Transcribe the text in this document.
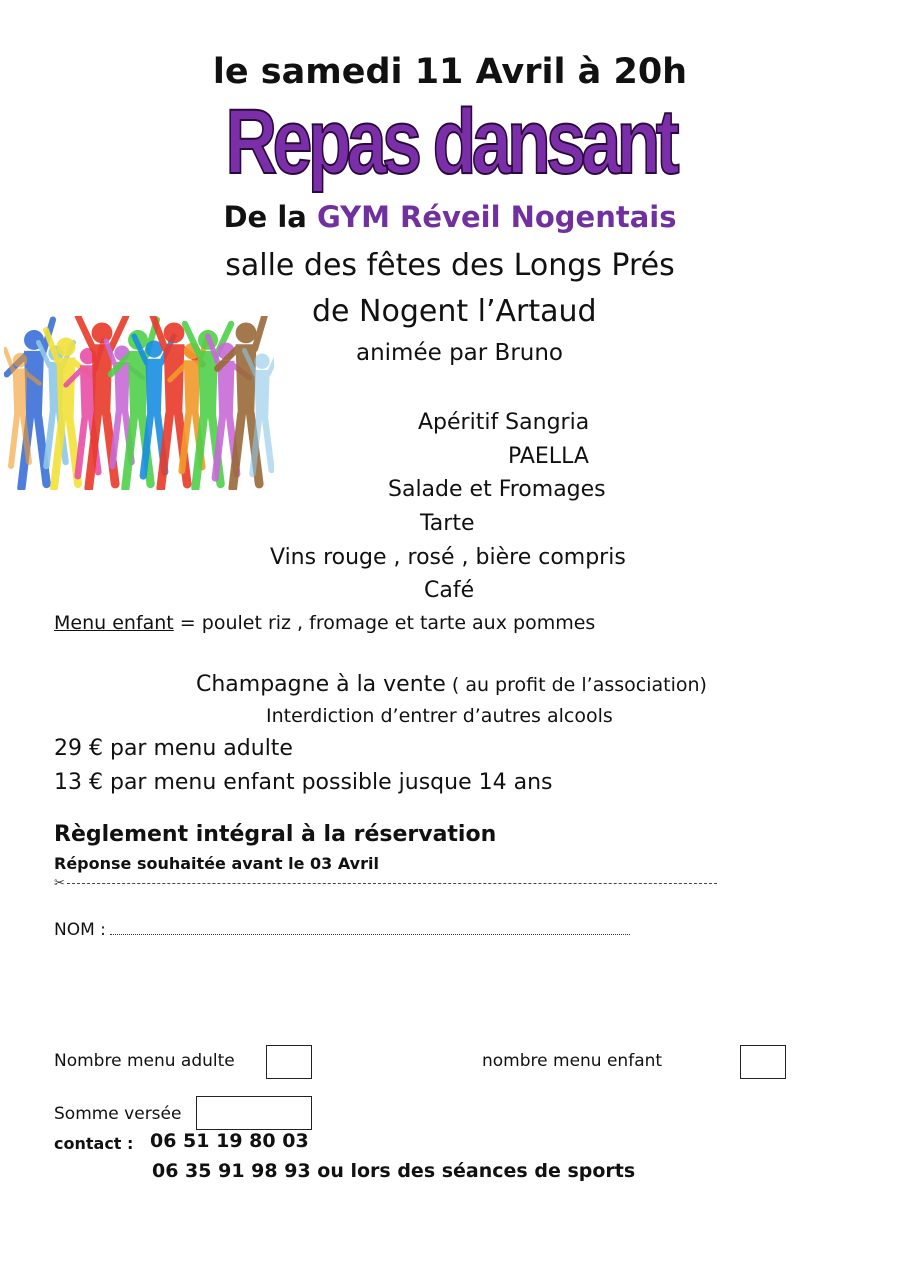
le samedi 11 Avril à 20h
Repas dansant
De la GYM Réveil Nogentais
salle des fêtes des Longs Prés
de Nogent l’Artaud
animée par Bruno
Apéritif Sangria
PAELLA
Salade et Fromages
Tarte
Vins rouge , rosé , bière compris
Café
Menu enfant = poulet riz , fromage et tarte aux pommes
Champagne à la vente ( au profit de l’association)
Interdiction d’entrer d’autres alcools
29 € par menu adulte
13 € par menu enfant possible jusque 14 ans
Règlement intégral à la réservation
Réponse souhaitée avant le 03 Avril
✂
NOM :
Nombre menu adulte	nombre menu enfant
Somme versée
contact : 06 51 19 80 03
06 35 91 98 93 ou lors des séances de sports
